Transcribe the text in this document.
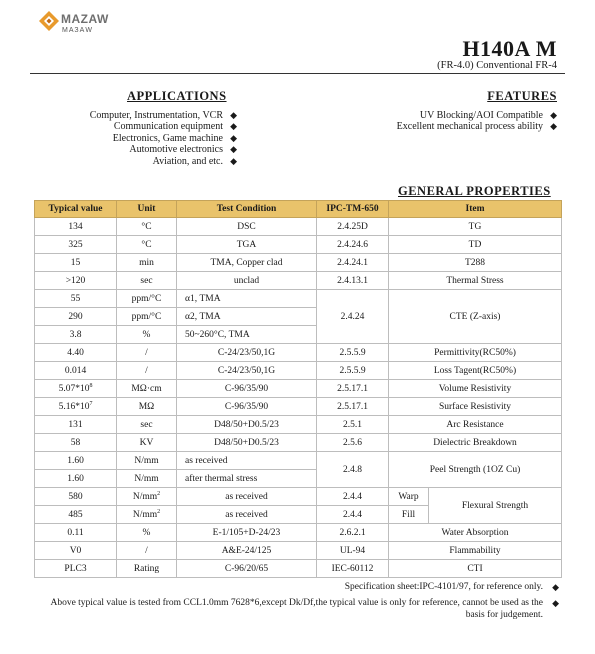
MAZAW
МАЗАW
H140A M
(FR-4.0) Conventional FR-4
FEATURES
◆
UV Blocking/AOI Compatible
◆
Excellent mechanical process ability
APPLICATIONS
◆
Computer, Instrumentation, VCR
◆
Communication equipment
◆
Electronics, Game machine
◆
Automotive electronics
◆
Aviation, and etc.
GENERAL PROPERTIES
Typical value	Unit	Test Condition	IPC-TM-650	Item	
134	°C	DSC	2.4.25D	TG	
325	°C	TGA	2.4.24.6	TD	
15	min	TMA, Copper clad	2.4.24.1	T288	
>120	sec	unclad	2.4.13.1	Thermal Stress	
55	ppm/°C	α1, TMA	2.4.24	CTE (Z-axis)	
290	ppm/°C	α2, TMA			
3.8	%	50~260°C, TMA			
4.40	/	C-24/23/50,1G	2.5.5.9	Permittivity(RC50%)	
0.014	/	C-24/23/50,1G	2.5.5.9	Loss Tagent(RC50%)	
$5.07*10^8$	MΩ·cm	C-96/35/90	2.5.17.1	Volume Resistivity	
$5.16*10^7$	MΩ	C-96/35/90	2.5.17.1	Surface Resistivity	
131	sec	D48/50+D0.5/23	2.5.1	Arc Resistance	
58	KV	D48/50+D0.5/23	2.5.6	Dielectric Breakdown	
1.60	N/mm	as received	2.4.8	Peel Strength (1OZ Cu)	
1.60	N/mm	after thermal stress			
580	$N/mm^2$	as received	2.4.4	Warp	Flexural Strength
485	$N/mm^2$	as received	2.4.4	Fill	
0.11	%	E-1/105+D-24/23	2.6.2.1	Water Absorption	
V0	/	A&E-24/125	UL-94	Flammability	
PLC3	Rating	C-96/20/65	IEC-60112	CTI	
◆
Specification sheet:IPC-4101/97, for reference only.
◆
Above typical value is tested from CCL1.0mm 7628*6,except Dk/Df,the typical value is only for reference, cannot be used as the basis for judgement.
